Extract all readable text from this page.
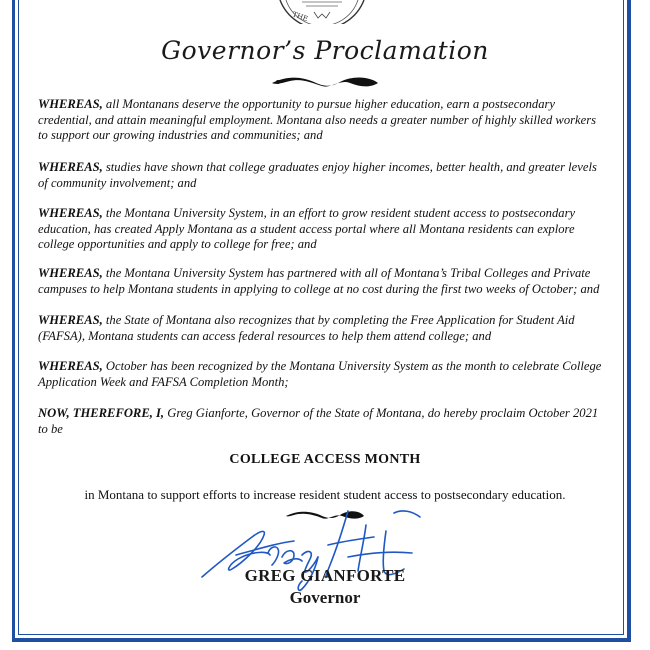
THE
Governor’s Proclamation
WHEREAS, all Montanans deserve the opportunity to pursue higher education, earn a postsecondary credential, and attain meaningful employment. Montana also needs a greater number of highly skilled workers to support our growing industries and communities; and
WHEREAS, studies have shown that college graduates enjoy higher incomes, better health, and greater levels of community involvement; and
WHEREAS, the Montana University System, in an effort to grow resident student access to postsecondary education, has created Apply Montana as a student access portal where all Montana residents can explore college opportunities and apply to college for free; and
WHEREAS, the Montana University System has partnered with all of Montana’s Tribal Colleges and Private campuses to help Montana students in applying to college at no cost during the first two weeks of October; and
WHEREAS, the State of Montana also recognizes that by completing the Free Application for Student Aid (FAFSA), Montana students can access federal resources to help them attend college; and
WHEREAS, October has been recognized by the Montana University System as the month to celebrate College Application Week and FAFSA Completion Month;
NOW, THEREFORE, I, Greg Gianforte, Governor of the State of Montana, do hereby proclaim October 2021 to be
COLLEGE ACCESS MONTH
in Montana to support efforts to increase resident student access to postsecondary education.
GREG GIANFORTE
Governor
